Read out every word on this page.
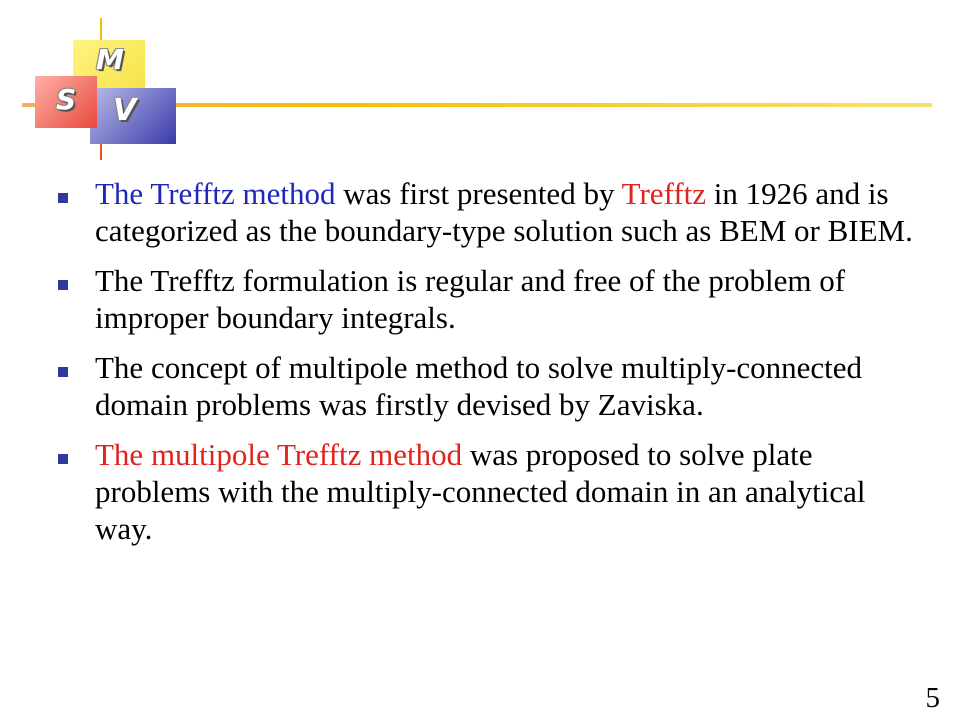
M
S V
The Trefftz method was first presented by Trefftz in 1926 and is categorized as the boundary-type solution such as BEM or BIEM.
The Trefftz formulation is regular and free of the problem of improper boundary integrals.
The concept of multipole method to solve multiply-connected domain problems was firstly devised by Zaviska.
The multipole Trefftz method was proposed to solve plate problems with the multiply-connected domain in an analytical way.
5
